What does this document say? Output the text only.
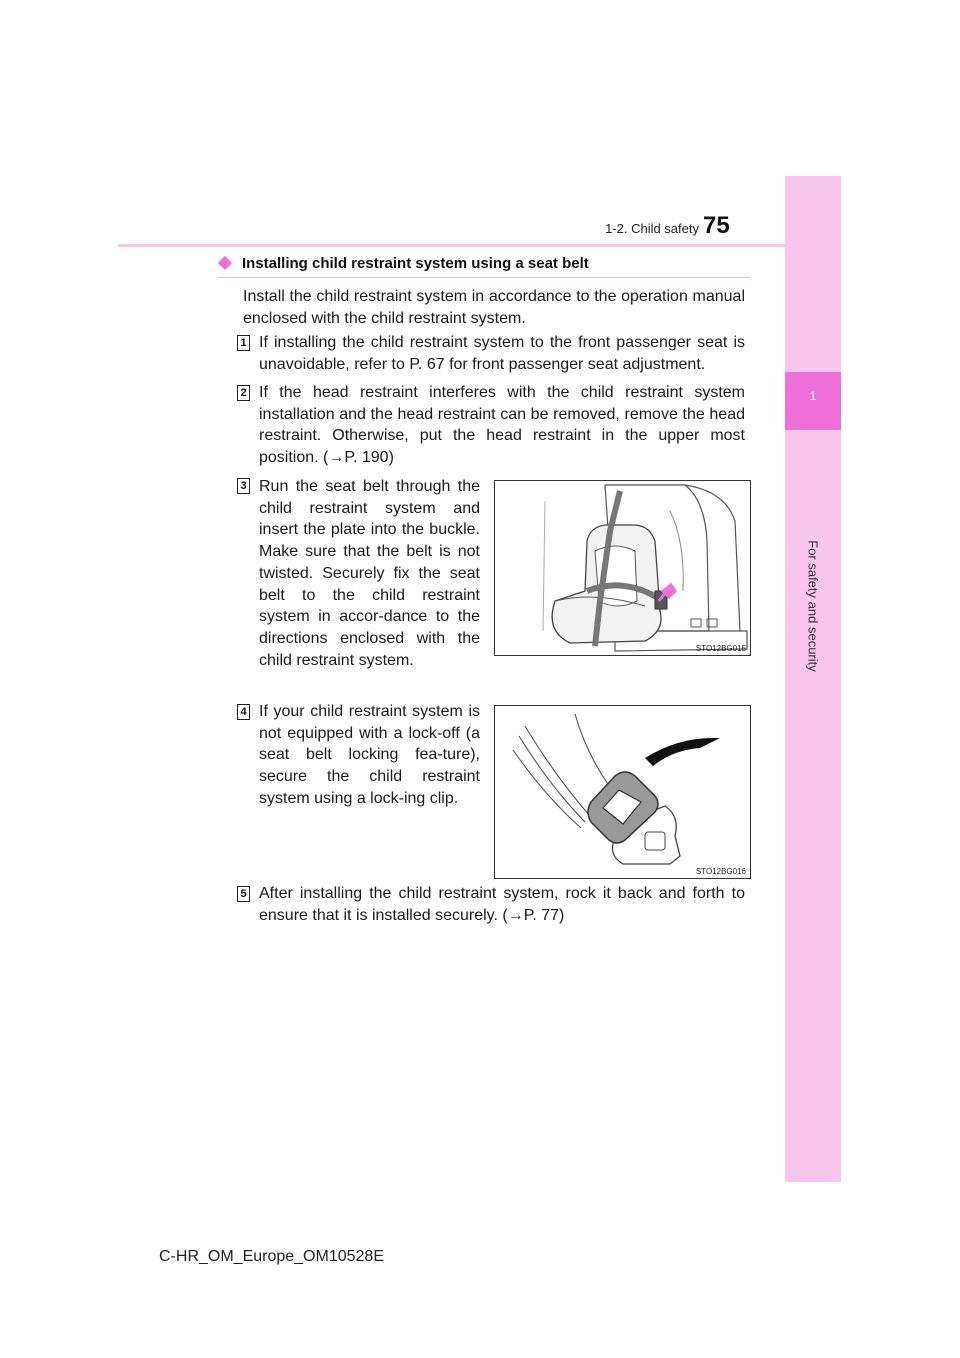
1
For safety and security
1-2. Child safety 75
Installing child restraint system using a seat belt
Install the child restraint system in accordance to the operation manual enclosed with the child restraint system.
1 If installing the child restraint system to the front passenger seat is unavoidable, refer to P. 67 for front passenger seat adjustment.
2 If the head restraint interferes with the child restraint system installation and the head restraint can be removed, remove the head restraint. Otherwise, put the head restraint in the upper most position. (→P. 190)
3 Run the seat belt through the child restraint system and insert the plate into the buckle. Make sure that the belt is not twisted. Securely fix the seat belt to the child restraint system in accor-dance to the directions enclosed with the child restraint system.
STO12BG015
4 If your child restraint system is not equipped with a lock-off (a seat belt locking fea-ture), secure the child restraint system using a lock-ing clip.
STO12BG016
5 After installing the child restraint system, rock it back and forth to ensure that it is installed securely. (→P. 77)
C-HR_OM_Europe_OM10528E
